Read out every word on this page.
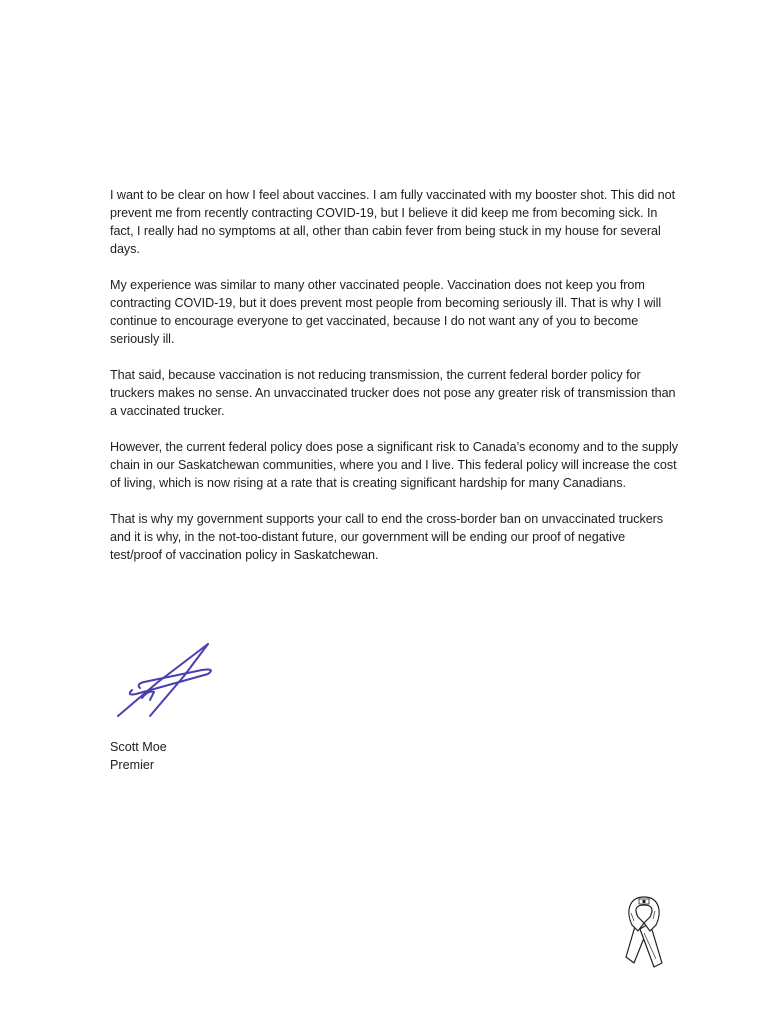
I want to be clear on how I feel about vaccines. I am fully vaccinated with my booster shot. This did not prevent me from recently contracting COVID-19, but I believe it did keep me from becoming sick. In fact, I really had no symptoms at all, other than cabin fever from being stuck in my house for several days.

My experience was similar to many other vaccinated people. Vaccination does not keep you from contracting COVID-19, but it does prevent most people from becoming seriously ill. That is why I will continue to encourage everyone to get vaccinated, because I do not want any of you to become seriously ill.

That said, because vaccination is not reducing transmission, the current federal border policy for truckers makes no sense. An unvaccinated trucker does not pose any greater risk of transmission than a vaccinated trucker.

However, the current federal policy does pose a significant risk to Canada’s economy and to the supply chain in our Saskatchewan communities, where you and I live. This federal policy will increase the cost of living, which is now rising at a rate that is creating significant hardship for many Canadians.

That is why my government supports your call to end the cross-border ban on unvaccinated truckers and it is why, in the not-too-distant future, our government will be ending our proof of negative test/proof of vaccination policy in Saskatchewan.

Scott Moe
Premier
